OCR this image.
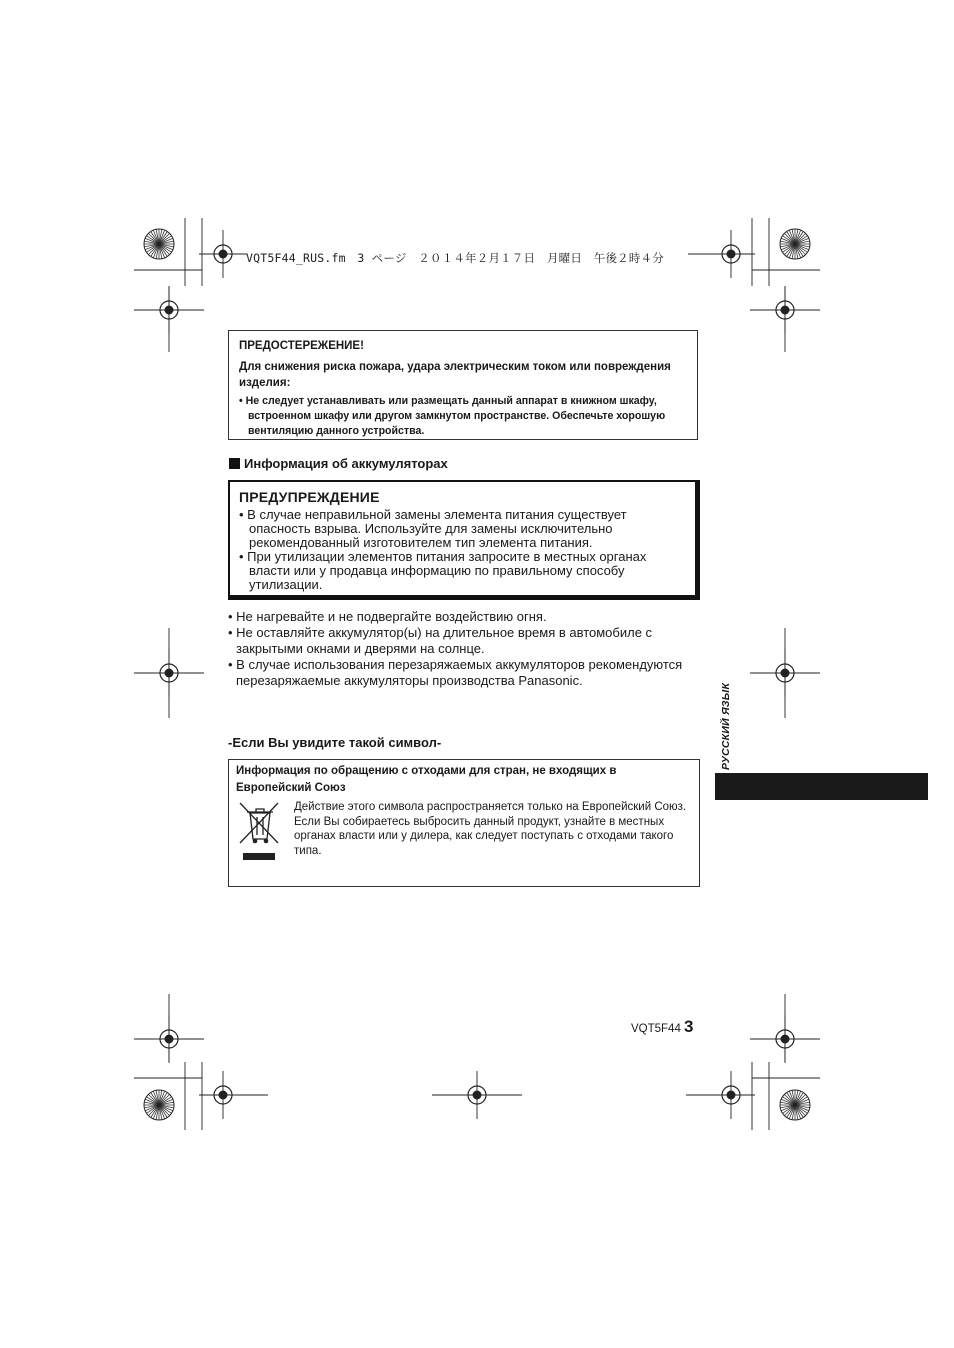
VQT5F44_RUS.fm　3 ページ　２０１４年２月１７日　月曜日　午後２時４分

ПРЕДОСТЕРЕЖЕНИЕ!

Для снижения риска пожара, удара электрическим током или повреждения изделия:

• Не следует устанавливать или размещать данный аппарат в книжном шкафу, встроенном шкафу или другом замкнутом пространстве. Обеспечьте хорошую вентиляцию данного устройства.

Информация об аккумуляторах

ПРЕДУПРЕЖДЕНИЕ

• В случае неправильной замены элемента питания существует опасность взрыва. Используйте для замены исключительно рекомендованный изготовителем тип элемента питания.

• При утилизации элементов питания запросите в местных органах власти или у продавца информацию по правильному способу утилизации.

• Не нагревайте и не подвергайте воздействию огня.

• Не оставляйте аккумулятор(ы) на длительное время в автомобиле с закрытыми окнами и дверями на солнце.

• В случае использования перезаряжаемых аккумуляторов рекомендуются перезаряжаемые аккумуляторы производства Panasonic.

-Если Вы увидите такой символ-
Информация по обращению с отходами для стран, не входящих в Европейский Союз

Действие этого символа распространяется только на Европейский Союз.

Если Вы собираетесь выбросить данный продукт, узнайте в местных органах власти или у дилера, как следует поступать с отходами такого типа.

РУССКИЙ ЯЗЫК
VQT5F44 3
